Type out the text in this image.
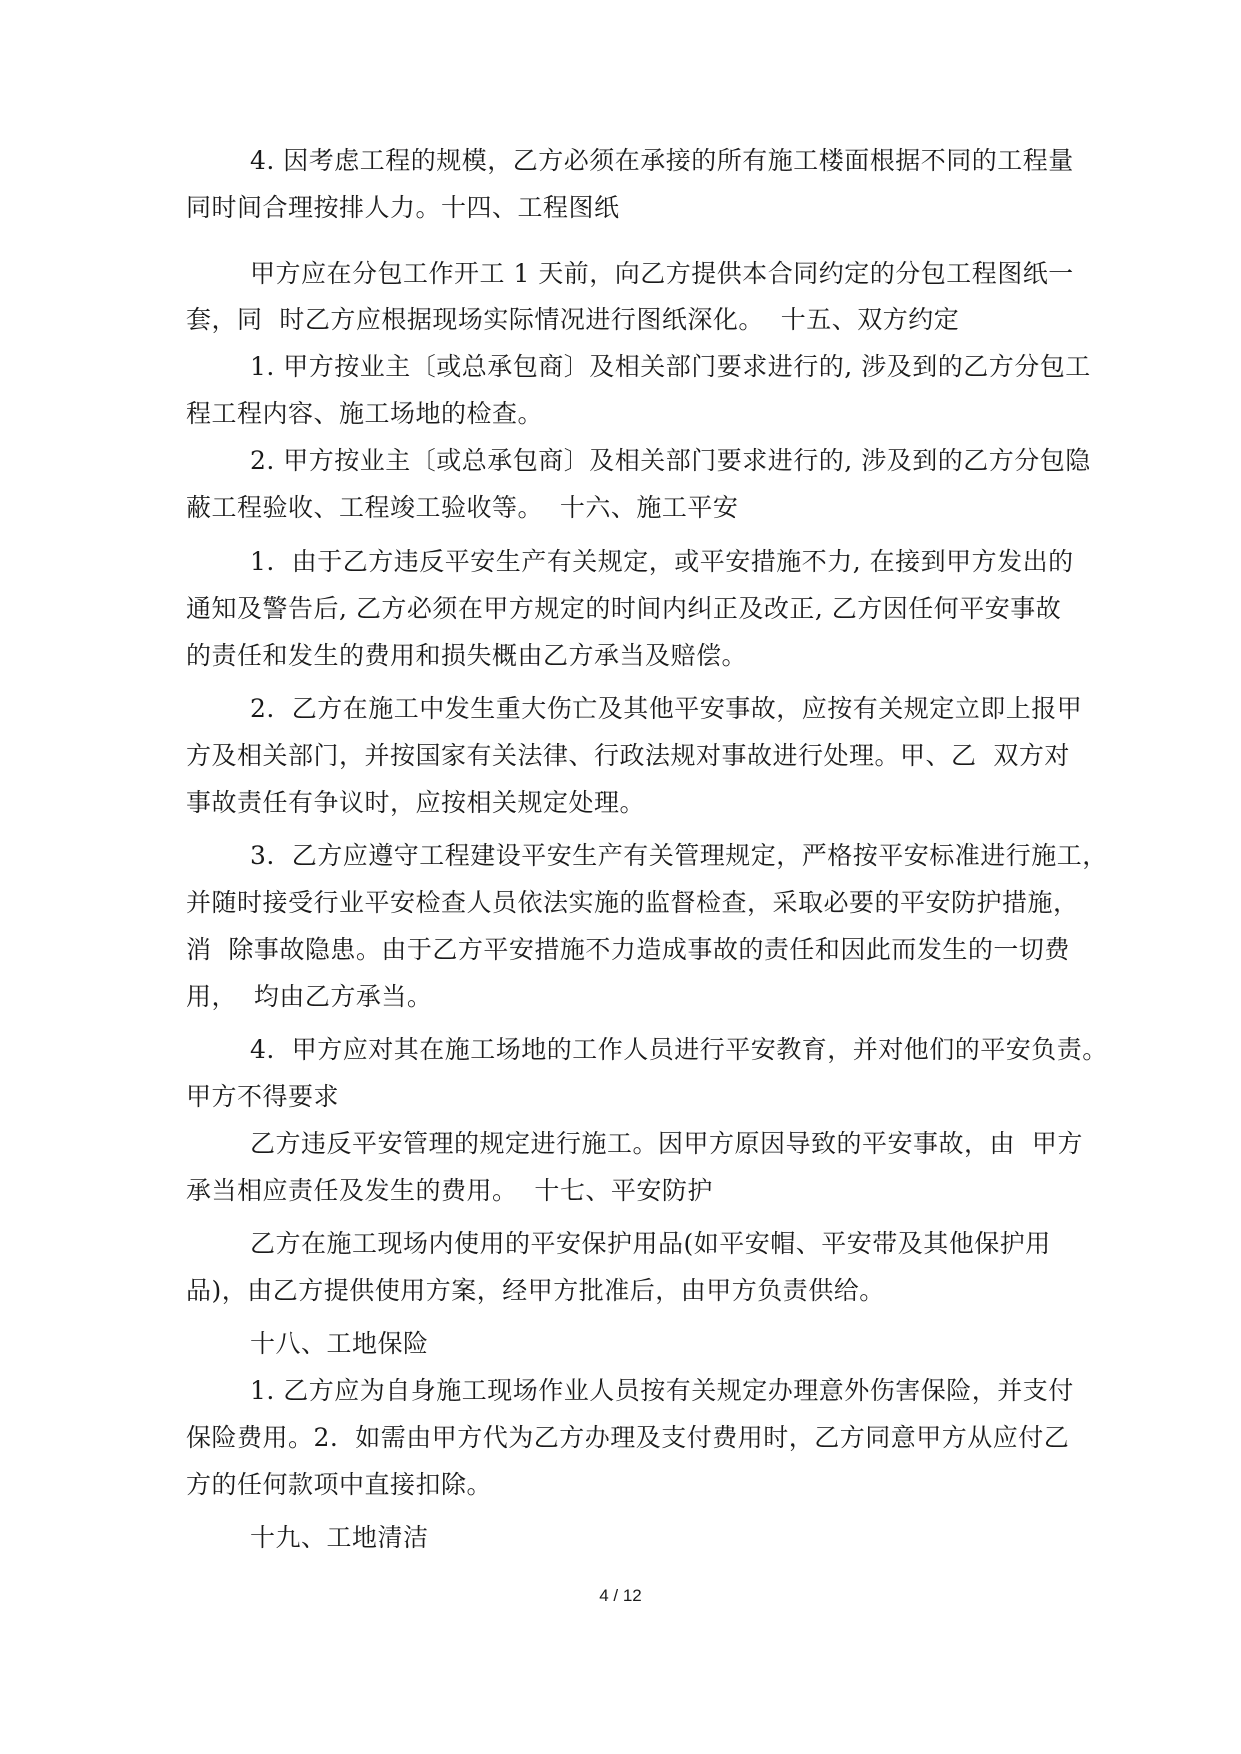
4. 因考虑工程的规模，乙方必须在承接的所有施工楼面根据不同的工程量
同时间合理按排人力。十四、工程图纸
甲方应在分包工作开工 1 天前，向乙方提供本合同约定的分包工程图纸一
套，同  时乙方应根据现场实际情况进行图纸深化。  十五、双方约定
1. 甲方按业主〔或总承包商〕及相关部门要求进行的, 涉及到的乙方分包工
程工程内容、施工场地的检查。
2. 甲方按业主〔或总承包商〕及相关部门要求进行的, 涉及到的乙方分包隐
蔽工程验收、工程竣工验收等。  十六、施工平安
1.  由于乙方违反平安生产有关规定，或平安措施不力, 在接到甲方发出的
通知及警告后, 乙方必须在甲方规定的时间内纠正及改正, 乙方因任何平安事故
的责任和发生的费用和损失概由乙方承当及赔偿。
2.  乙方在施工中发生重大伤亡及其他平安事故，应按有关规定立即上报甲
方及相关部门，并按国家有关法律、行政法规对事故进行处理。甲、乙  双方对
事故责任有争议时，应按相关规定处理。
3.  乙方应遵守工程建设平安生产有关管理规定，严格按平安标准进行施工，
并随时接受行业平安检查人员依法实施的监督检查，采取必要的平安防护措施，
消  除事故隐患。由于乙方平安措施不力造成事故的责任和因此而发生的一切费
用，  均由乙方承当。
4.  甲方应对其在施工场地的工作人员进行平安教育，并对他们的平安负责。
甲方不得要求
乙方违反平安管理的规定进行施工。因甲方原因导致的平安事故，由  甲方
承当相应责任及发生的费用。  十七、平安防护
乙方在施工现场内使用的平安保护用品(如平安帽、平安带及其他保护用
品)，由乙方提供使用方案，经甲方批准后，由甲方负责供给。
十八、工地保险
1. 乙方应为自身施工现场作业人员按有关规定办理意外伤害保险，并支付
保险费用。2.  如需由甲方代为乙方办理及支付费用时，乙方同意甲方从应付乙
方的任何款项中直接扣除。
十九、工地清洁
4 / 12
